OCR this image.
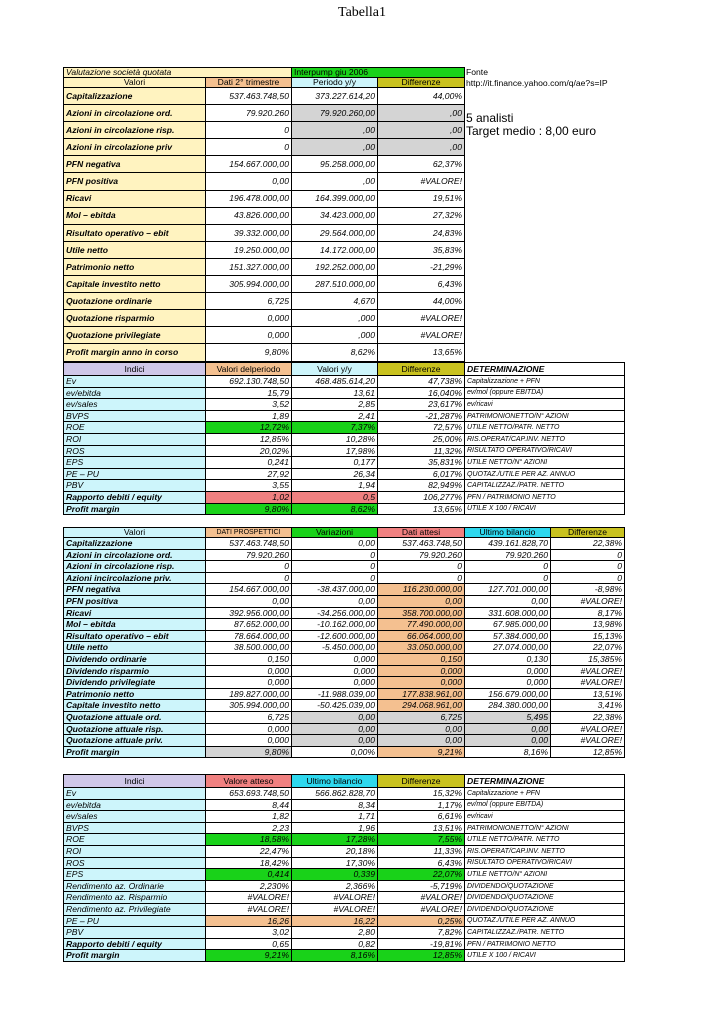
Tabella1
Valutazione società quotata		Interpump giu 2006	
Valori	Dati 2° trimestre	Periodo y/y	Differenze
Capitalizzazione	537.463.748,50	373.227.614,20	44,00%
Azioni in circolazione ord.	79.920.260	79.920.260,00	,00
Azioni in circolazione risp.	0	,00	,00
Azioni in circolazione priv	0	,00	,00
PFN negativa	154.667.000,00	95.258.000,00	62,37%
PFN positiva	0,00	,00	#VALORE!
Ricavi	196.478.000,00	164.399.000,00	19,51%
Mol – ebitda	43.826.000,00	34.423.000,00	27,32%
Risultato operativo – ebit	39.332.000,00	29.564.000,00	24,83%
Utile netto	19.250.000,00	14.172.000,00	35,83%
Patrimonio netto	151.327.000,00	192.252.000,00	-21,29%
Capitale investito netto	305.994.000,00	287.510.000,00	6,43%
Quotazione ordinarie	6,725	4,670	44,00%
Quotazione risparmio	0,000	,000	#VALORE!
Quotazione privilegiate	0,000	,000	#VALORE!
Profit margin anno in corso	9,80%	8,62%	13,65%
Fonte
http://it.finance.yahoo.com/q/ae?s=IP
5 analisti
Target medio : 8,00 euro
Indici	Valori delperiodo	Valori y/y	Differenze	DETERMINAZIONE
Ev	692.130.748,50	468.485.614,20	47,738%	Capitalizzazione + PFN
ev/ebitda	15,79	13,61	16,040%	ev/mol (oppure EBITDA)
ev/sales	3,52	2,85	23,617%	ev/ricavi
BVPS	1,89	2,41	-21,287%	PATRIMONIONETTO/N° AZIONI
ROE	12,72%	7,37%	72,57%	UTILE NETTO/PATR. NETTO
ROI	12,85%	10,28%	25,00%	RIS.OPERAT/CAP.INV. NETTO
ROS	20,02%	17,98%	11,32%	RISULTATO OPERATIVO/RICAVI
EPS	0,241	0,177	35,831%	UTILE NETTO/N° AZIONI
PE – PU	27,92	26,34	6,017%	QUOTAZ./UTILE PER AZ. ANNUO
PBV	3,55	1,94	82,949%	CAPITALIZZAZ./PATR. NETTO
Rapporto debiti / equity	1,02	0,5	106,277%	PFN / PATRIMONIO NETTO
Profit margin	9,80%	8,62%	13,65%	UTILE X 100 / RICAVI
Valori	DATI PROSPETTICI	Variazioni	Dati attesi	Ultimo bilancio	Differenze
Capitalizzazione	537.463.748,50	0,00	537.463.748,50	439.161.828,70	22,38%
Azioni in circolazione ord.	79.920.260	0	79.920.260	79.920.260	0
Azioni in circolazione risp.	0	0	0	0	0
Azioni incircolazione priv.	0	0	0	0	0
PFN negativa	154.667.000,00	-38.437.000,00	116.230.000,00	127.701.000,00	-8,98%
PFN positiva	0,00	0,00	0,00	0,00	#VALORE!
Ricavi	392.956.000,00	-34.256.000,00	358.700.000,00	331.608.000,00	8,17%
Mol – ebitda	87.652.000,00	-10.162.000,00	77.490.000,00	67.985.000,00	13,98%
Risultato operativo – ebit	78.664.000,00	-12.600.000,00	66.064.000,00	57.384.000,00	15,13%
Utile netto	38.500.000,00	-5.450.000,00	33.050.000,00	27.074.000,00	22,07%
Dividendo ordinarie	0,150	0,000	0,150	0,130	15,385%
Dividendo risparmio	0,000	0,000	0,000	0,000	#VALORE!
Dividendo privilegiate	0,000	0,000	0,000	0,000	#VALORE!
Patrimonio netto	189.827.000,00	-11.988.039,00	177.838.961,00	156.679.000,00	13,51%
Capitale investito netto	305.994.000,00	-50.425.039,00	294.068.961,00	284.380.000,00	3,41%
Quotazione attuale ord.	6,725	0,00	6,725	5,495	22,38%
Quotazione attuale risp.	0,000	0,00	0,00	0,00	#VALORE!
Quotazione attuale priv.	0,000	0,00	0,00	0,00	#VALORE!
Profit margin	9,80%	0,00%	9,21%	8,16%	12,85%
Indici	Valore atteso	Ultimo bilancio	Differenze	DETERMINAZIONE
Ev	653.693.748,50	566.862.828,70	15,32%	Capitalizzazione + PFN
ev/ebitda	8,44	8,34	1,17%	ev/mol (oppure EBITDA)
ev/sales	1,82	1,71	6,61%	ev/ricavi
BVPS	2,23	1,96	13,51%	PATRIMONIONETTO/N° AZIONI
ROE	18,58%	17,28%	7,55%	UTILE NETTO/PATR. NETTO
ROI	22,47%	20,18%	11,33%	RIS.OPERAT/CAP.INV. NETTO
ROS	18,42%	17,30%	6,43%	RISULTATO OPERATIVO/RICAVI
EPS	0,414	0,339	22,07%	UTILE NETTO/N° AZIONI
Rendimento az. Ordinarie	2,230%	2,366%	-5,719%	DIVIDENDO/QUOTAZIONE
Rendimento az. Risparmio	#VALORE!	#VALORE!	#VALORE!	DIVIDENDO/QUOTAZIONE
Rendimento az. Privilegiate	#VALORE!	#VALORE!	#VALORE!	DIVIDENDO/QUOTAZIONE
PE – PU	16,26	16,22	0,25%	QUOTAZ./UTILE PER AZ. ANNUO
PBV	3,02	2,80	7,82%	CAPITALIZZAZ./PATR. NETTO
Rapporto debiti / equity	0,65	0,82	-19,81%	PFN / PATRIMONIO NETTO
Profit margin	9,21%	8,16%	12,85%	UTILE X 100 / RICAVI
